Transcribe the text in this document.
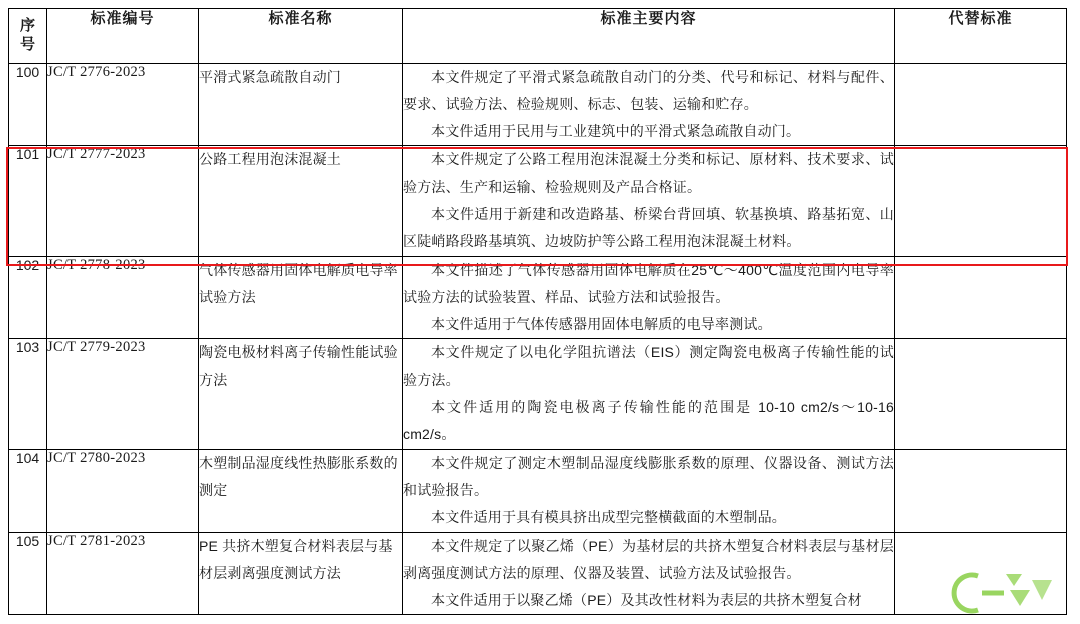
序
号	标准编号	标准名称	标准主要内容	代替标准
100	JC/T 2776-2023	平滑式紧急疏散自动门	本文件规定了平滑式紧急疏散自动门的分类、代号和标记、材料与配件、要求、试验方法、检验规则、标志、包装、运输和贮存。

本文件适用于民用与工业建筑中的平滑式紧急疏散自动门。	

101	JC/T 2777-2023	公路工程用泡沫混凝土	本文件规定了公路工程用泡沫混凝土分类和标记、原材料、技术要求、试验方法、生产和运输、检验规则及产品合格证。

本文件适用于新建和改造路基、桥梁台背回填、软基换填、路基拓宽、山区陡峭路段路基填筑、边坡防护等公路工程用泡沫混凝土材料。	

102	JC/T 2778-2023	气体传感器用固体电解质电导率试验方法	本文件描述了气体传感器用固体电解质在25℃～400℃温度范围内电导率试验方法的试验装置、样品、试验方法和试验报告。

本文件适用于气体传感器用固体电解质的电导率测试。	

103	JC/T 2779-2023	陶瓷电极材料离子传输性能试验方法	本文件规定了以电化学阻抗谱法（EIS）测定陶瓷电极离子传输性能的试验方法。

本文件适用的陶瓷电极离子传输性能的范围是 10-10 cm2/s～10-16 cm2/s。	

104	JC/T 2780-2023	木塑制品湿度线性热膨胀系数的测定	本文件规定了测定木塑制品湿度线膨胀系数的原理、仪器设备、测试方法和试验报告。

本文件适用于具有模具挤出成型完整横截面的木塑制品。	

105	JC/T 2781-2023	PE 共挤木塑复合材料表层与基材层剥离强度测试方法	本文件规定了以聚乙烯（PE）为基材层的共挤木塑复合材料表层与基材层剥离强度测试方法的原理、仪器及装置、试验方法及试验报告。

本文件适用于以聚乙烯（PE）及其改性材料为表层的共挤木塑复合材	
